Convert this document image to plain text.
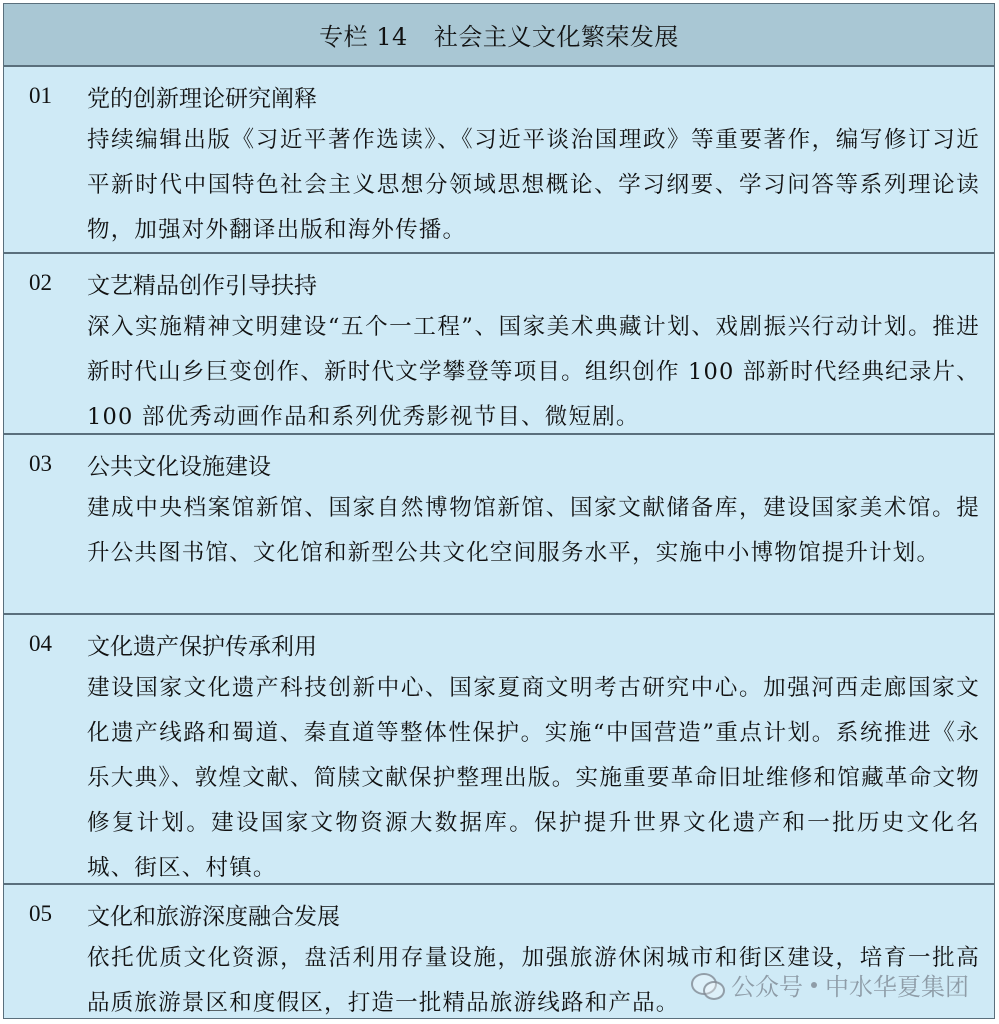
专栏 14 社会主义文化繁荣发展
01	党的创新理论研究阐释
持续编辑出版《习近平著作选读》、《习近平谈治国理政》等重要著作，编写修订习近平新时代中国特色社会主义思想分领域思想概论、学习纲要、学习问答等系列理论读物，加强对外翻译出版和海外传播。
02	文艺精品创作引导扶持
深入实施精神文明建设“五个一工程”、国家美术典藏计划、戏剧振兴行动计划。推进新时代山乡巨变创作、新时代文学攀登等项目。组织创作 100 部新时代经典纪录片、100 部优秀动画作品和系列优秀影视节目、微短剧。
03	公共文化设施建设
建成中央档案馆新馆、国家自然博物馆新馆、国家文献储备库，建设国家美术馆。提升公共图书馆、文化馆和新型公共文化空间服务水平，实施中小博物馆提升计划。
04	文化遗产保护传承利用
建设国家文化遗产科技创新中心、国家夏商文明考古研究中心。加强河西走廊国家文化遗产线路和蜀道、秦直道等整体性保护。实施“中国营造”重点计划。系统推进《永乐大典》、敦煌文献、简牍文献保护整理出版。实施重要革命旧址维修和馆藏革命文物修复计划。建设国家文物资源大数据库。保护提升世界文化遗产和一批历史文化名城、街区、村镇。
05	文化和旅游深度融合发展
依托优质文化资源，盘活利用存量设施，加强旅游休闲城市和街区建设，培育一批高品质旅游景区和度假区，打造一批精品旅游线路和产品。
公众号 中水华夏集团
